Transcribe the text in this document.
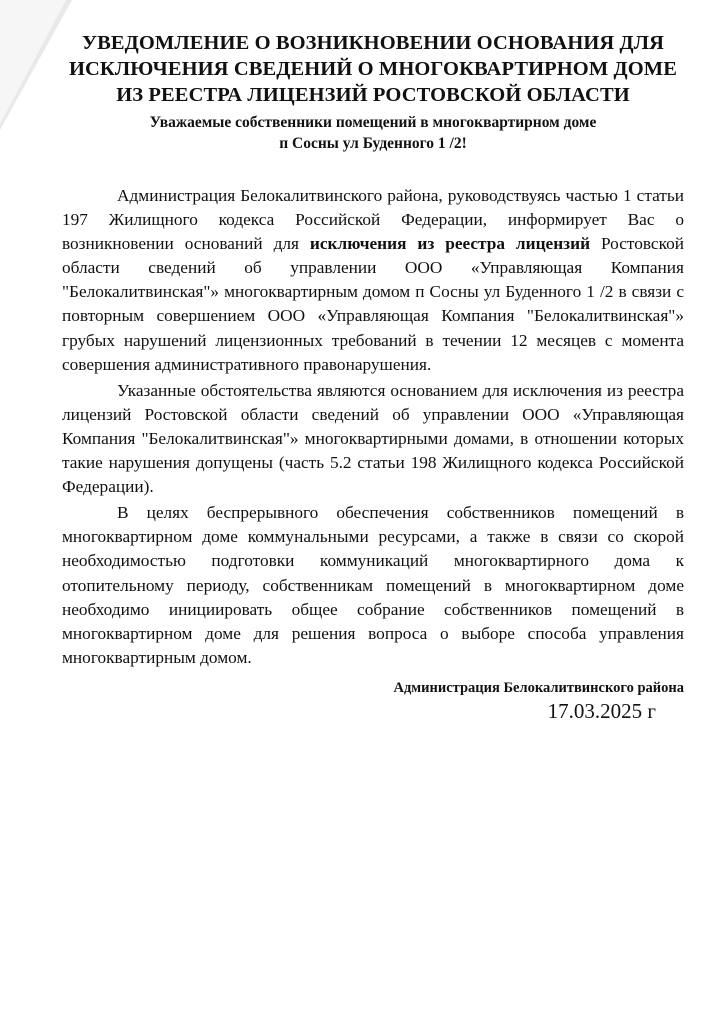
УВЕДОМЛЕНИЕ О ВОЗНИКНОВЕНИИ ОСНОВАНИЯ ДЛЯ ИСКЛЮЧЕНИЯ СВЕДЕНИЙ О МНОГОКВАРТИРНОМ ДОМЕ ИЗ РЕЕСТРА ЛИЦЕНЗИЙ РОСТОВСКОЙ ОБЛАСТИ
Уважаемые собственники помещений в многоквартирном доме
п Сосны ул Буденного 1 /2!

Администрация Белокалитвинского района, руководствуясь частью 1 статьи 197 Жилищного кодекса Российской Федерации, информирует Вас о возникновении оснований для исключения из реестра лицензий Ростовской области сведений об управлении ООО «Управляющая Компания "Белокалитвинская"» многоквартирным домом п Сосны ул Буденного 1 /2 в связи с повторным совершением ООО «Управляющая Компания "Белокалитвинская"» грубых нарушений лицензионных требований в течении 12 месяцев с момента совершения административного правонарушения.

Указанные обстоятельства являются основанием для исключения из реестра лицензий Ростовской области сведений об управлении ООО «Управляющая Компания "Белокалитвинская"» многоквартирными домами, в отношении которых такие нарушения допущены (часть 5.2 статьи 198 Жилищного кодекса Российской Федерации).

В целях беспрерывного обеспечения собственников помещений в многоквартирном доме коммунальными ресурсами, а также в связи со скорой необходимостью подготовки коммуникаций многоквартирного дома к отопительному периоду, собственникам помещений в многоквартирном доме необходимо инициировать общее собрание собственников помещений в многоквартирном доме для решения вопроса о выборе способа управления многоквартирным домом.

Администрация Белокалитвинского района
17.03.2025 г
